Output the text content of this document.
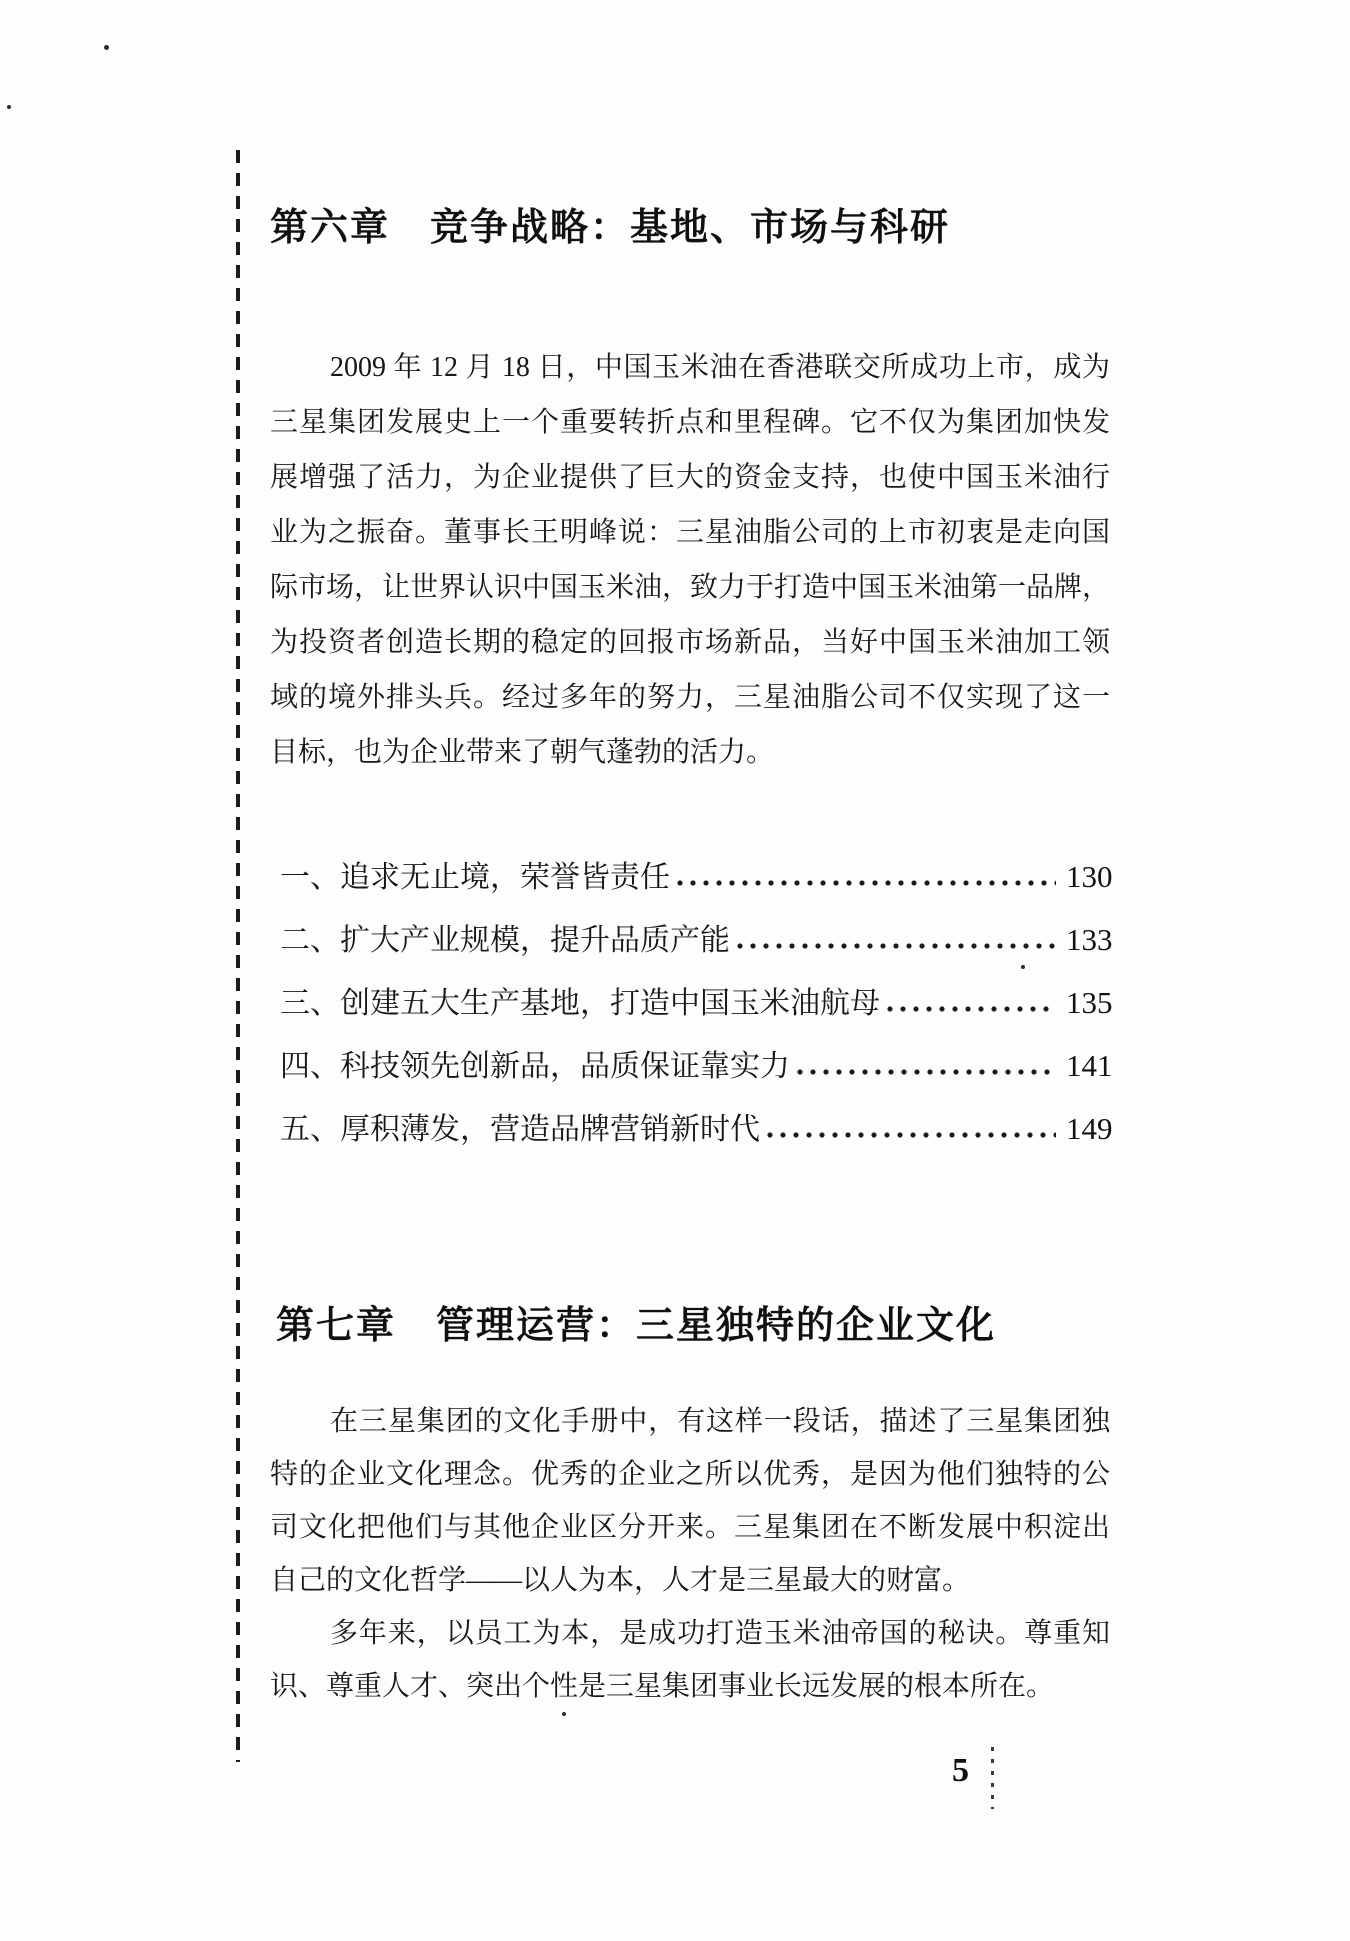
第六章 竞争战略：基地、市场与科研
2009 年 12 月 18 日，中国玉米油在香港联交所成功上市，成为
三星集团发展史上一个重要转折点和里程碑。它不仅为集团加快发
展增强了活力，为企业提供了巨大的资金支持，也使中国玉米油行
业为之振奋。董事长王明峰说：三星油脂公司的上市初衷是走向国
际市场，让世界认识中国玉米油，致力于打造中国玉米油第一品牌，
为投资者创造长期的稳定的回报市场新品，当好中国玉米油加工领
域的境外排头兵。经过多年的努力，三星油脂公司不仅实现了这一
目标，也为企业带来了朝气蓬勃的活力。
一、追求无止境，荣誉皆责任	130
二、扩大产业规模，提升品质产能	133
三、创建五大生产基地，打造中国玉米油航母	135
四、科技领先创新品，品质保证靠实力	141
五、厚积薄发，营造品牌营销新时代	149
第七章 管理运营：三星独特的企业文化
在三星集团的文化手册中，有这样一段话，描述了三星集团独
特的企业文化理念。优秀的企业之所以优秀，是因为他们独特的公
司文化把他们与其他企业区分开来。三星集团在不断发展中积淀出
自己的文化哲学——以人为本，人才是三星最大的财富。
多年来，以员工为本，是成功打造玉米油帝国的秘诀。尊重知
识、尊重人才、突出个性是三星集团事业长远发展的根本所在。
5
